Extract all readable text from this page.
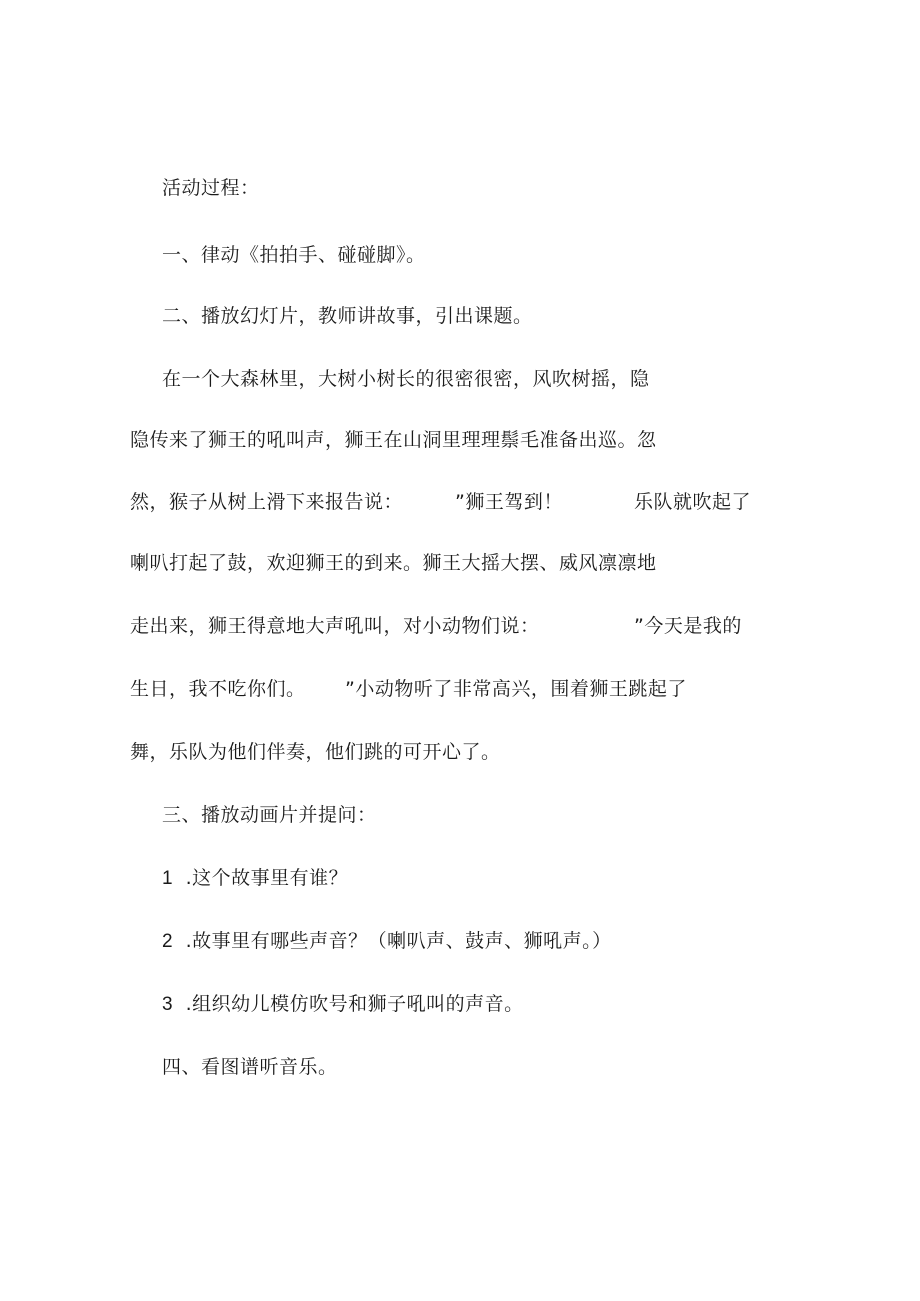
活动过程：
一、律动《拍拍手、碰碰脚》。
二、播放幻灯片，教师讲故事，引出课题。
在一个大森林里，大树小树长的很密很密，风吹树摇，隐
隐传来了狮王的吼叫声，狮王在山洞里理理鬃毛准备出巡。忽
然，猴子从树上滑下来报告说：	”狮王驾到！	乐队就吹起了
喇叭打起了鼓，欢迎狮王的到来。狮王大摇大摆、威风凛凛地
走出来，狮王得意地大声吼叫，对小动物们说：	”今天是我的
生日，我不吃你们。 ”小动物听了非常高兴，围着狮王跳起了
舞，乐队为他们伴奏，他们跳的可开心了。
三、播放动画片并提问：
1 .这个故事里有谁？
2 .故事里有哪些声音？（喇叭声、鼓声、狮吼声。）
3 .组织幼儿模仿吹号和狮子吼叫的声音。
四、看图谱听音乐。
